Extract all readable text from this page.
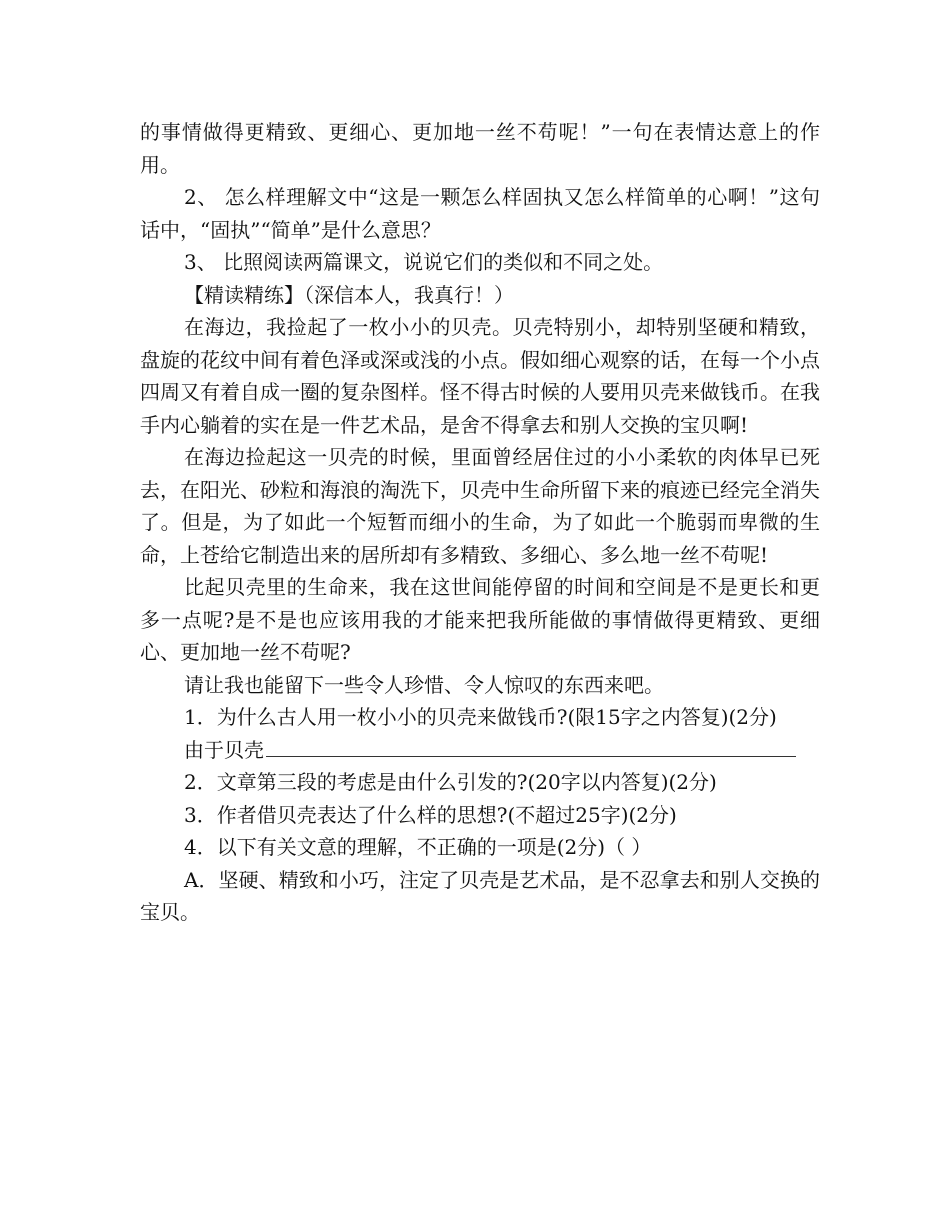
的事情做得更精致、更细心、更加地一丝不苟呢！”一句在表情达意上的作用。

2、 怎么样理解文中“这是一颗怎么样固执又怎么样简单的心啊！”这句话中，“固执”“简单”是什么意思？

3、 比照阅读两篇课文，说说它们的类似和不同之处。

【精读精练】（深信本人，我真行！）

在海边，我捡起了一枚小小的贝壳。贝壳特别小，却特别坚硬和精致，盘旋的花纹中间有着色泽或深或浅的小点。假如细心观察的话，在每一个小点四周又有着自成一圈的复杂图样。怪不得古时候的人要用贝壳来做钱币。在我手内心躺着的实在是一件艺术品，是舍不得拿去和别人交换的宝贝啊!

在海边捡起这一贝壳的时候，里面曾经居住过的小小柔软的肉体早已死去，在阳光、砂粒和海浪的淘洗下，贝壳中生命所留下来的痕迹已经完全消失了。但是，为了如此一个短暂而细小的生命，为了如此一个脆弱而卑微的生命，上苍给它制造出来的居所却有多精致、多细心、多么地一丝不苟呢!

比起贝壳里的生命来，我在这世间能停留的时间和空间是不是更长和更多一点呢?是不是也应该用我的才能来把我所能做的事情做得更精致、更细心、更加地一丝不苟呢?

请让我也能留下一些令人珍惜、令人惊叹的东西来吧。

1．为什么古人用一枚小小的贝壳来做钱币?(限15字之内答复)(2分)

由于贝壳

2．文章第三段的考虑是由什么引发的?(20字以内答复)(2分)

3．作者借贝壳表达了什么样的思想?(不超过25字)(2分)

4．以下有关文意的理解，不正确的一项是(2分)（ ）

A．坚硬、精致和小巧，注定了贝壳是艺术品，是不忍拿去和别人交换的宝贝。
